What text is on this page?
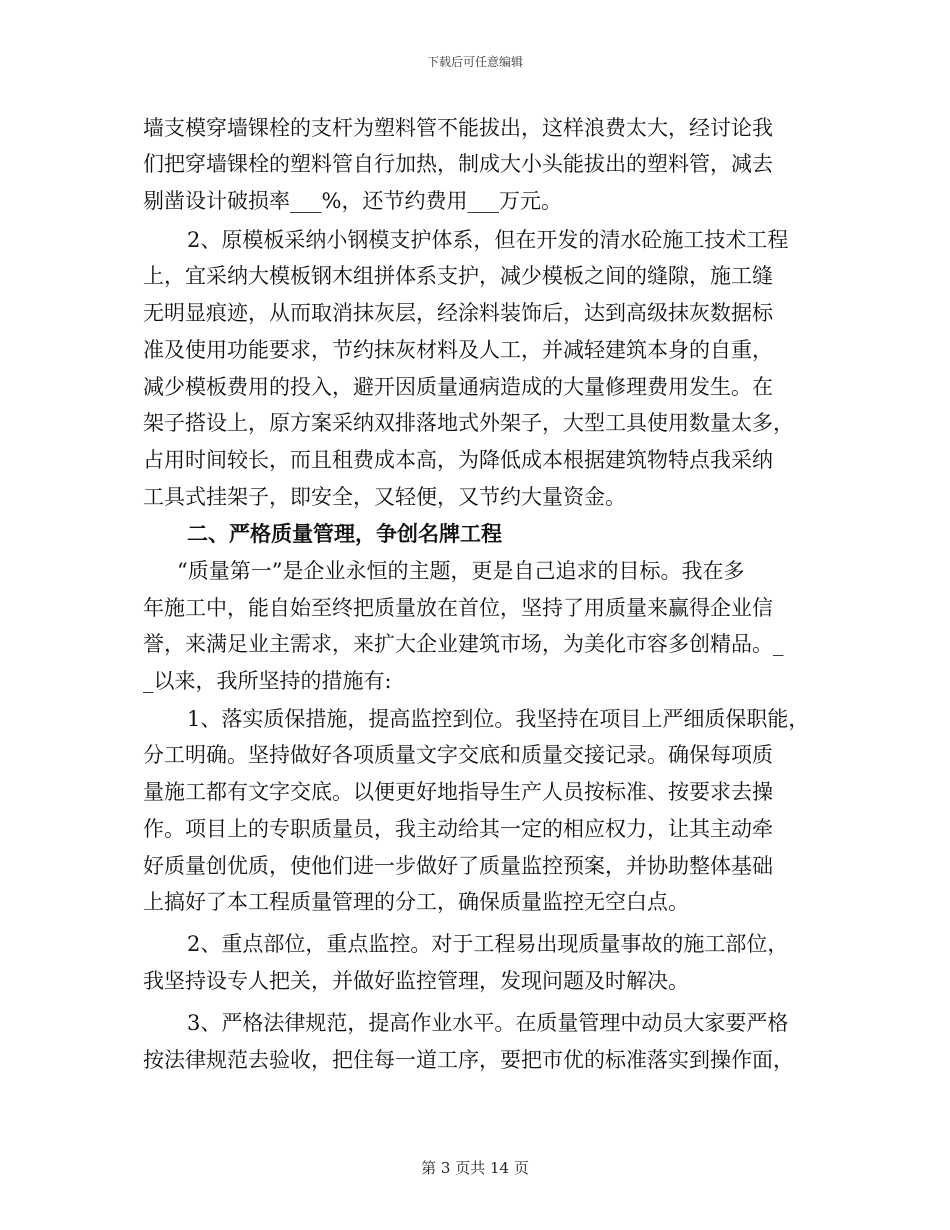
下载后可任意编辑
墙支模穿墙锞栓的支杆为塑料管不能拔出，这样浪费太大，经讨论我
们把穿墙锞栓的塑料管自行加热，制成大小头能拔出的塑料管，减去
剔凿设计破损率___%，还节约费用___万元。
2、原模板采纳小钢模支护体系，但在开发的清水砼施工技术工程
上，宜采纳大模板钢木组拼体系支护，减少模板之间的缝隙，施工缝
无明显痕迹，从而取消抹灰层，经涂料装饰后，达到高级抹灰数据标
准及使用功能要求，节约抹灰材料及人工，并减轻建筑本身的自重，
减少模板费用的投入，避开因质量通病造成的大量修理费用发生。在
架子搭设上，原方案采纳双排落地式外架子，大型工具使用数量太多，
占用时间较长，而且租费成本高，为降低成本根据建筑物特点我采纳
工具式挂架子，即安全，又轻便，又节约大量资金。
二、严格质量管理，争创名牌工程
“质量第一”是企业永恒的主题，更是自己追求的目标。我在多
年施工中，能自始至终把质量放在首位，坚持了用质量来赢得企业信
誉，来满足业主需求，来扩大企业建筑市场，为美化市容多创精品。_
_以来，我所坚持的措施有:
1、落实质保措施，提高监控到位。我坚持在项目上严细质保职能，
分工明确。坚持做好各项质量文字交底和质量交接记录。确保每项质
量施工都有文字交底。以便更好地指导生产人员按标准、按要求去操
作。项目上的专职质量员，我主动给其一定的相应权力，让其主动牵
好质量创优质，使他们进一步做好了质量监控预案，并协助整体基础
上搞好了本工程质量管理的分工，确保质量监控无空白点。
2、重点部位，重点监控。对于工程易出现质量事故的施工部位，
我坚持设专人把关，并做好监控管理，发现问题及时解决。
3、严格法律规范，提高作业水平。在质量管理中动员大家要严格
按法律规范去验收，把住每一道工序，要把市优的标准落实到操作面，
第 3 页共 14 页
